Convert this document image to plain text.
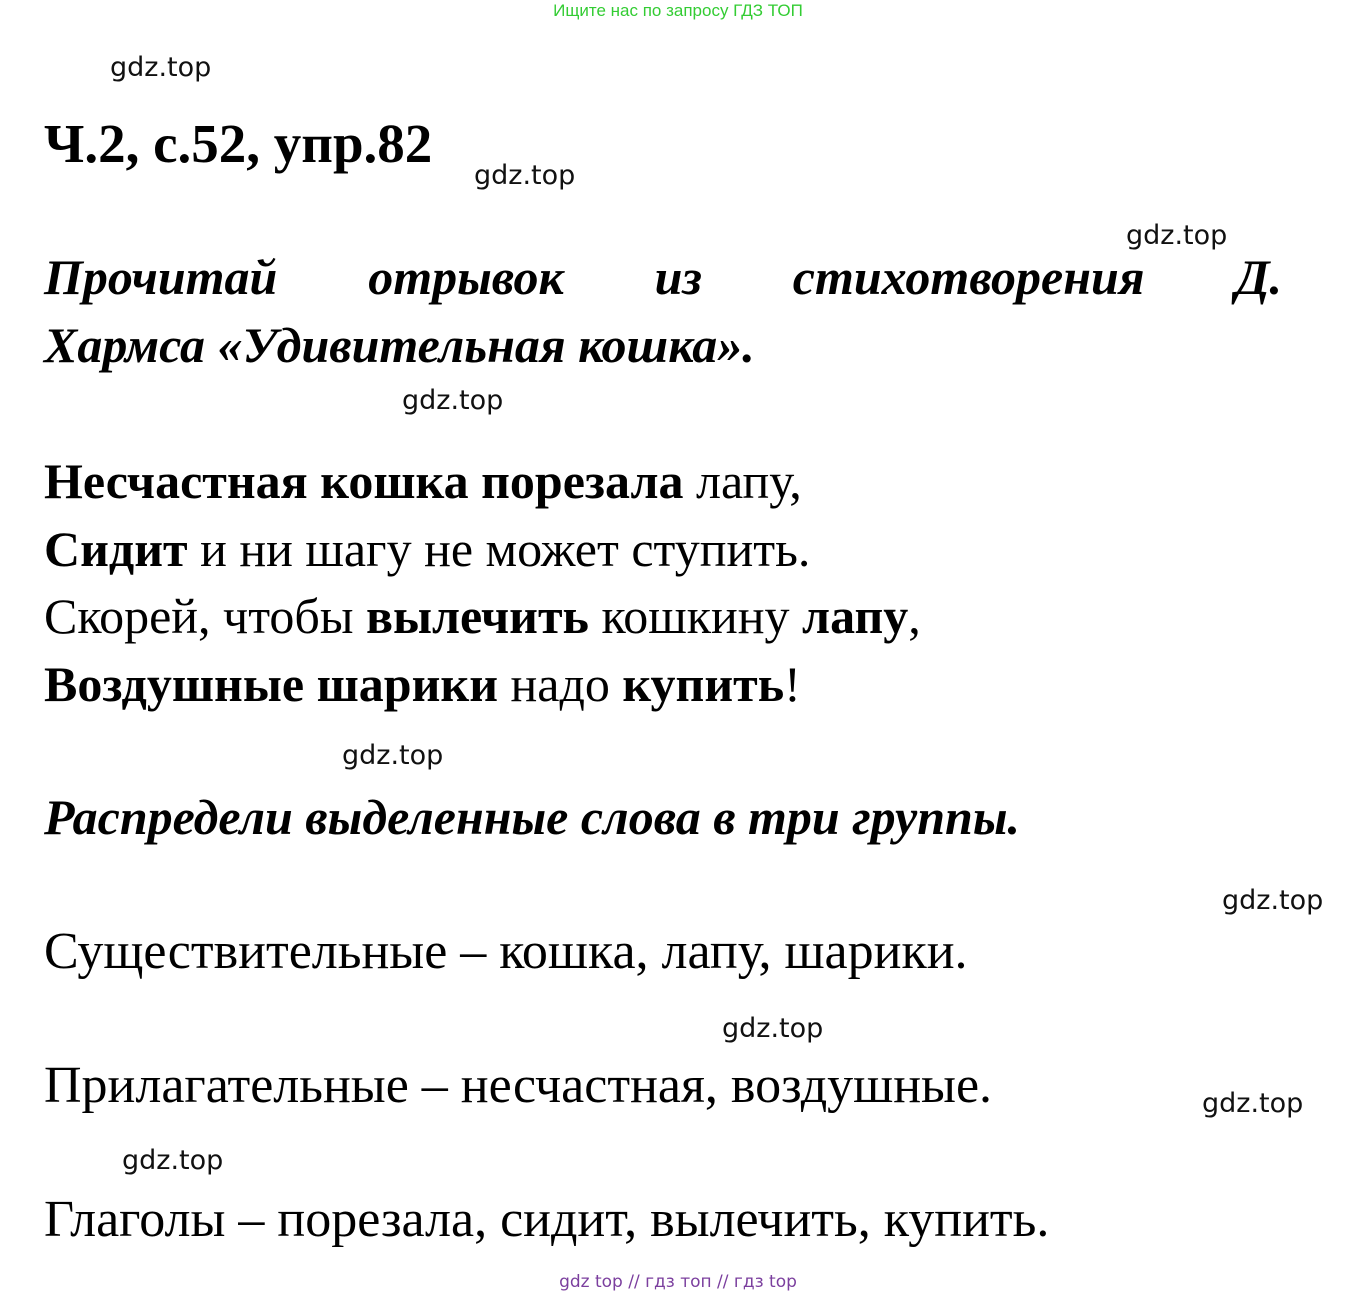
Ищите нас по запросу ГДЗ ТОП
gdz.top
Ч.2, с.52, упр.82
gdz.top
gdz.top
Прочитай отрывок из стихотворения Д.
Хармса «Удивительная кошка».
gdz.top
Несчастная кошка порезала лапу,
Сидит и ни шагу не может ступить.
Скорей, чтобы вылечить кошкину лапу,
Воздушные шарики надо купить!
gdz.top
Распредели выделенные слова в три группы.
gdz.top
Существительные – кошка, лапу, шарики.
gdz.top
Прилагательные – несчастная, воздушные.	gdz.top
gdz.top
Глаголы – порезала, сидит, вылечить, купить.
gdz top // гдз топ // гдз top
